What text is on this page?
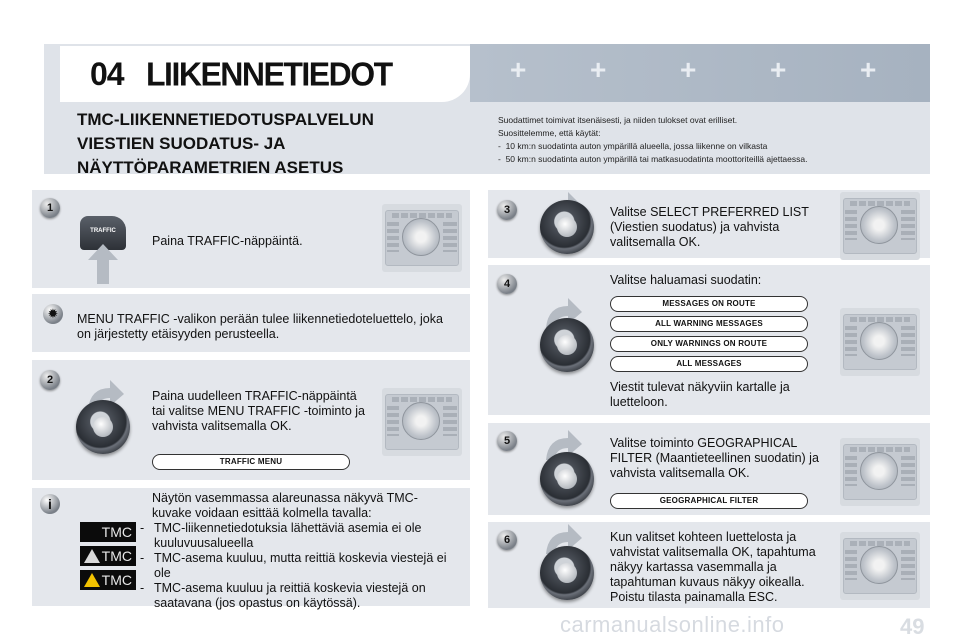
+ +	+	+	+
04 LIIKENNETIEDOT
TMC-LIIKENNETIEDOTUSPALVELUN
VIESTIEN SUODATUS- JA
NÄYTTÖPARAMETRIEN ASETUS
Suodattimet toimivat itsenäisesti, ja niiden tulokset ovat erilliset.
Suosittelemme, että käytät:
-  10 km:n suodatinta auton ympärillä alueella, jossa liikenne on vilkasta
-  50 km:n suodatinta auton ympärillä tai matkasuodatinta moottoriteillä ajettaessa.
1
TRAFFIC
Paina TRAFFIC-näppäintä.
✹	MENU TRAFFIC -valikon perään tulee liikennetiedoteluettelo, joka on järjestetty etäisyyden perusteella.
2
Paina uudelleen TRAFFIC-näppäintä tai valitse MENU TRAFFIC -toiminto ja vahvista valitsemalla OK.
TRAFFIC MENU
i	Näytön vasemmassa alareunassa näkyvä TMC-kuvake voidaan esittää kolmella tavalla:
- TMC-liikennetiedotuksia lähettäviä asemia ei ole kuuluvuusalueella
- TMC-asema kuuluu, mutta reittiä koskevia viestejä ei ole
- TMC-asema kuuluu ja reittiä koskevia viestejä on saatavana (jos opastus on käytössä).
TMC
TMC
TMC
3	Valitse SELECT PREFERRED LIST (Viestien suodatus) ja vahvista valitsemalla OK.
4	Valitse haluamasi suodatin:
MESSAGES ON ROUTE
ALL WARNING MESSAGES
ONLY WARNINGS ON ROUTE
ALL MESSAGES
Viestit tulevat näkyviin kartalle ja luetteloon.
5	Valitse toiminto GEOGRAPHICAL FILTER (Maantieteellinen suodatin) ja vahvista valitsemalla OK.
GEOGRAPHICAL FILTER
6	Kun valitset kohteen luettelosta ja vahvistat valitsemalla OK, tapahtuma näkyy kartassa vasemmalla ja tapahtuman kuvaus näkyy oikealla. Poistu tilasta painamalla ESC.
carmanualsonline.info	49
